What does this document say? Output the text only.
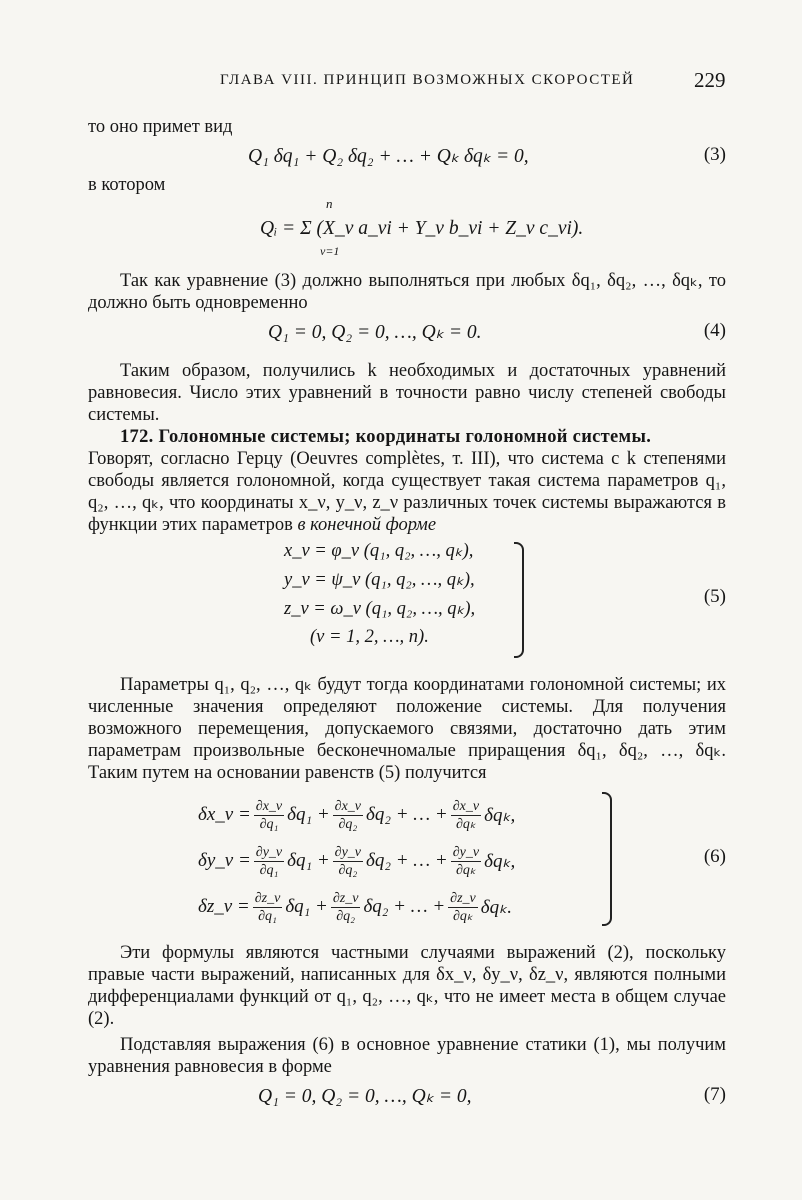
ГЛАВА VIII. ПРИНЦИП ВОЗМОЖНЫХ СКОРОСТЕЙ	229

то оно примет вид

Q₁ δq₁ + Q₂ δq₂ + … + Qₖ δqₖ = 0,	(3)

в котором

n
Qᵢ = Σ (X_ν a_νi + Y_ν b_νi + Z_ν c_νi).
ν=1

Так как уравнение (3) должно выполняться при любых δq₁, δq₂, …, δqₖ, то должно быть одновременно

Q₁ = 0, Q₂ = 0, …, Qₖ = 0.	(4)

Таким образом, получились k необходимых и достаточных уравнений равновесия. Число этих уравнений в точности равно числу степеней свободы системы.

172. Голономные системы; координаты голономной системы.

Говорят, согласно Герцу (Oeuvres complètes, т. III), что система с k степенями свободы является голономной, когда существует такая система параметров q₁, q₂, …, qₖ, что координаты x_ν, y_ν, z_ν различных точек системы выражаются в функции этих параметров в конечной форме

x_ν = φ_ν (q₁, q₂, …, qₖ),
y_ν = ψ_ν (q₁, q₂, …, qₖ),
z_ν = ω_ν (q₁, q₂, …, qₖ),
(ν = 1, 2, …, n).
(5)

Параметры q₁, q₂, …, qₖ будут тогда координатами голономной системы; их численные значения определяют положение системы. Для получения возможного перемещения, допускаемого связями, достаточно дать этим параметрам произвольные бесконечномалые приращения δq₁, δq₂, …, δqₖ. Таким путем на основании равенств (5) получится

δx_ν = $\frac{\partial x\_\nu}{\text{∂q₁}} \delta q_1 + \frac{\partial x\_\nu}{\text{∂q₂}} \delta q_2$ + … + $\frac{\partial x\_\nu}{\text{∂qₖ}} \delta q_k$,
δy_ν = $\frac{\partial y\_\nu}{\text{∂q₁}} \delta q_1 + \frac{\partial y\_\nu}{\text{∂q₂}} \delta q_2$ + … + $\frac{\partial y\_\nu}{\text{∂qₖ}} \delta q_k$,
δz_ν = $\frac{\partial z\_\nu}{\text{∂q₁}} \delta q_1 + \frac{\partial z\_\nu}{\text{∂q₂}} \delta q_2$ + … + $\frac{\partial z\_\nu}{\text{∂qₖ}} \delta q_k$.
(6)

Эти формулы являются частными случаями выражений (2), поскольку правые части выражений, написанных для δx_ν, δy_ν, δz_ν, являются полными дифференциалами функций от q₁, q₂, …, qₖ, что не имеет места в общем случае (2).

Подставляя выражения (6) в основное уравнение статики (1), мы получим уравнения равновесия в форме

Q₁ = 0, Q₂ = 0, …, Qₖ = 0,	(7)
